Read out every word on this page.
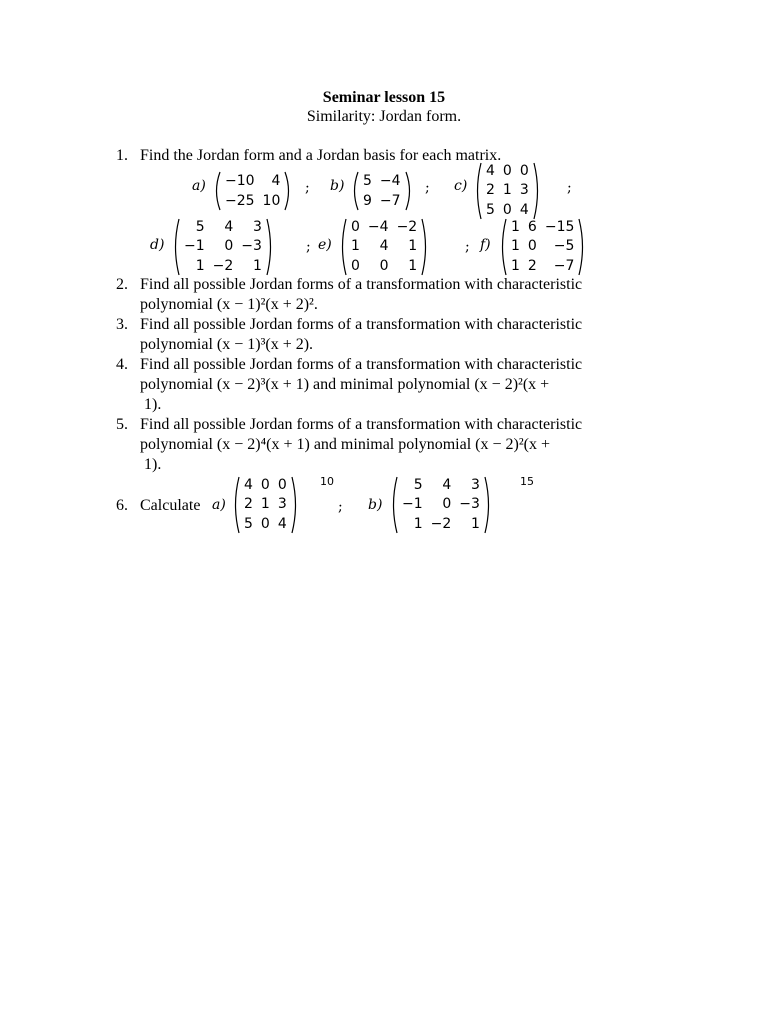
Seminar lesson 15
Similarity: Jordan form.
1. Find the Jordan form and a Jordan basis for each matrix.
a) −10	4
−25 10
; b) 5 −4
9 −7
; c)
4 0 0
2 1 3
5 0 4
;
d)
5	4	3
−1	0 −3
1 −2	1
; e)
0 −4 −2
1	4	1
0	0	1
; f)
1 6 −15
1 0	−5
1 2	−7
2. Find all possible Jordan forms of a transformation with characteristic
polynomial (x − 1)²(x + 2)².
3. Find all possible Jordan forms of a transformation with characteristic
polynomial (x − 1)³(x + 2).
4. Find all possible Jordan forms of a transformation with characteristic
polynomial (x − 2)³(x + 1) and minimal polynomial (x − 2)²(x +
1).
5. Find all possible Jordan forms of a transformation with characteristic
polynomial (x − 2)⁴(x + 1) and minimal polynomial (x − 2)²(x +
1).
6. Calculate a)
4 0 0
2 1 3
5 0 4
10
; b)
5	4	3
−1	0 −3
1 −2	1
15
